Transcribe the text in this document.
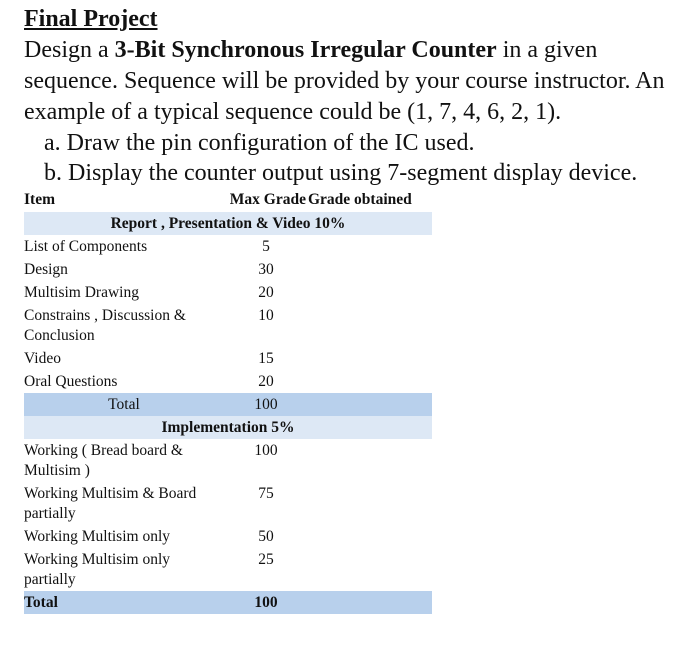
Final Project

Design a 3-Bit Synchronous Irregular Counter in a given sequence. Sequence will be provided by your course instructor. An example of a typical sequence could be (1, 7, 4, 6, 2, 1).

a. Draw the pin configuration of the IC used.

b. Display the counter output using 7-segment display device.

Item	Max Grade	Grade obtained
Report , Presentation & Video 10%		
List of Components	5	
Design	30	
Multisim Drawing	20	
Constrains , Discussion & Conclusion	10	
Video	15	
Oral Questions	20	
Total	100	
Implementation 5%		
Working ( Bread board & Multisim )	100	
Working Multisim & Board partially	75	
Working Multisim only	50	
Working Multisim only partially	25	
Total	100	
